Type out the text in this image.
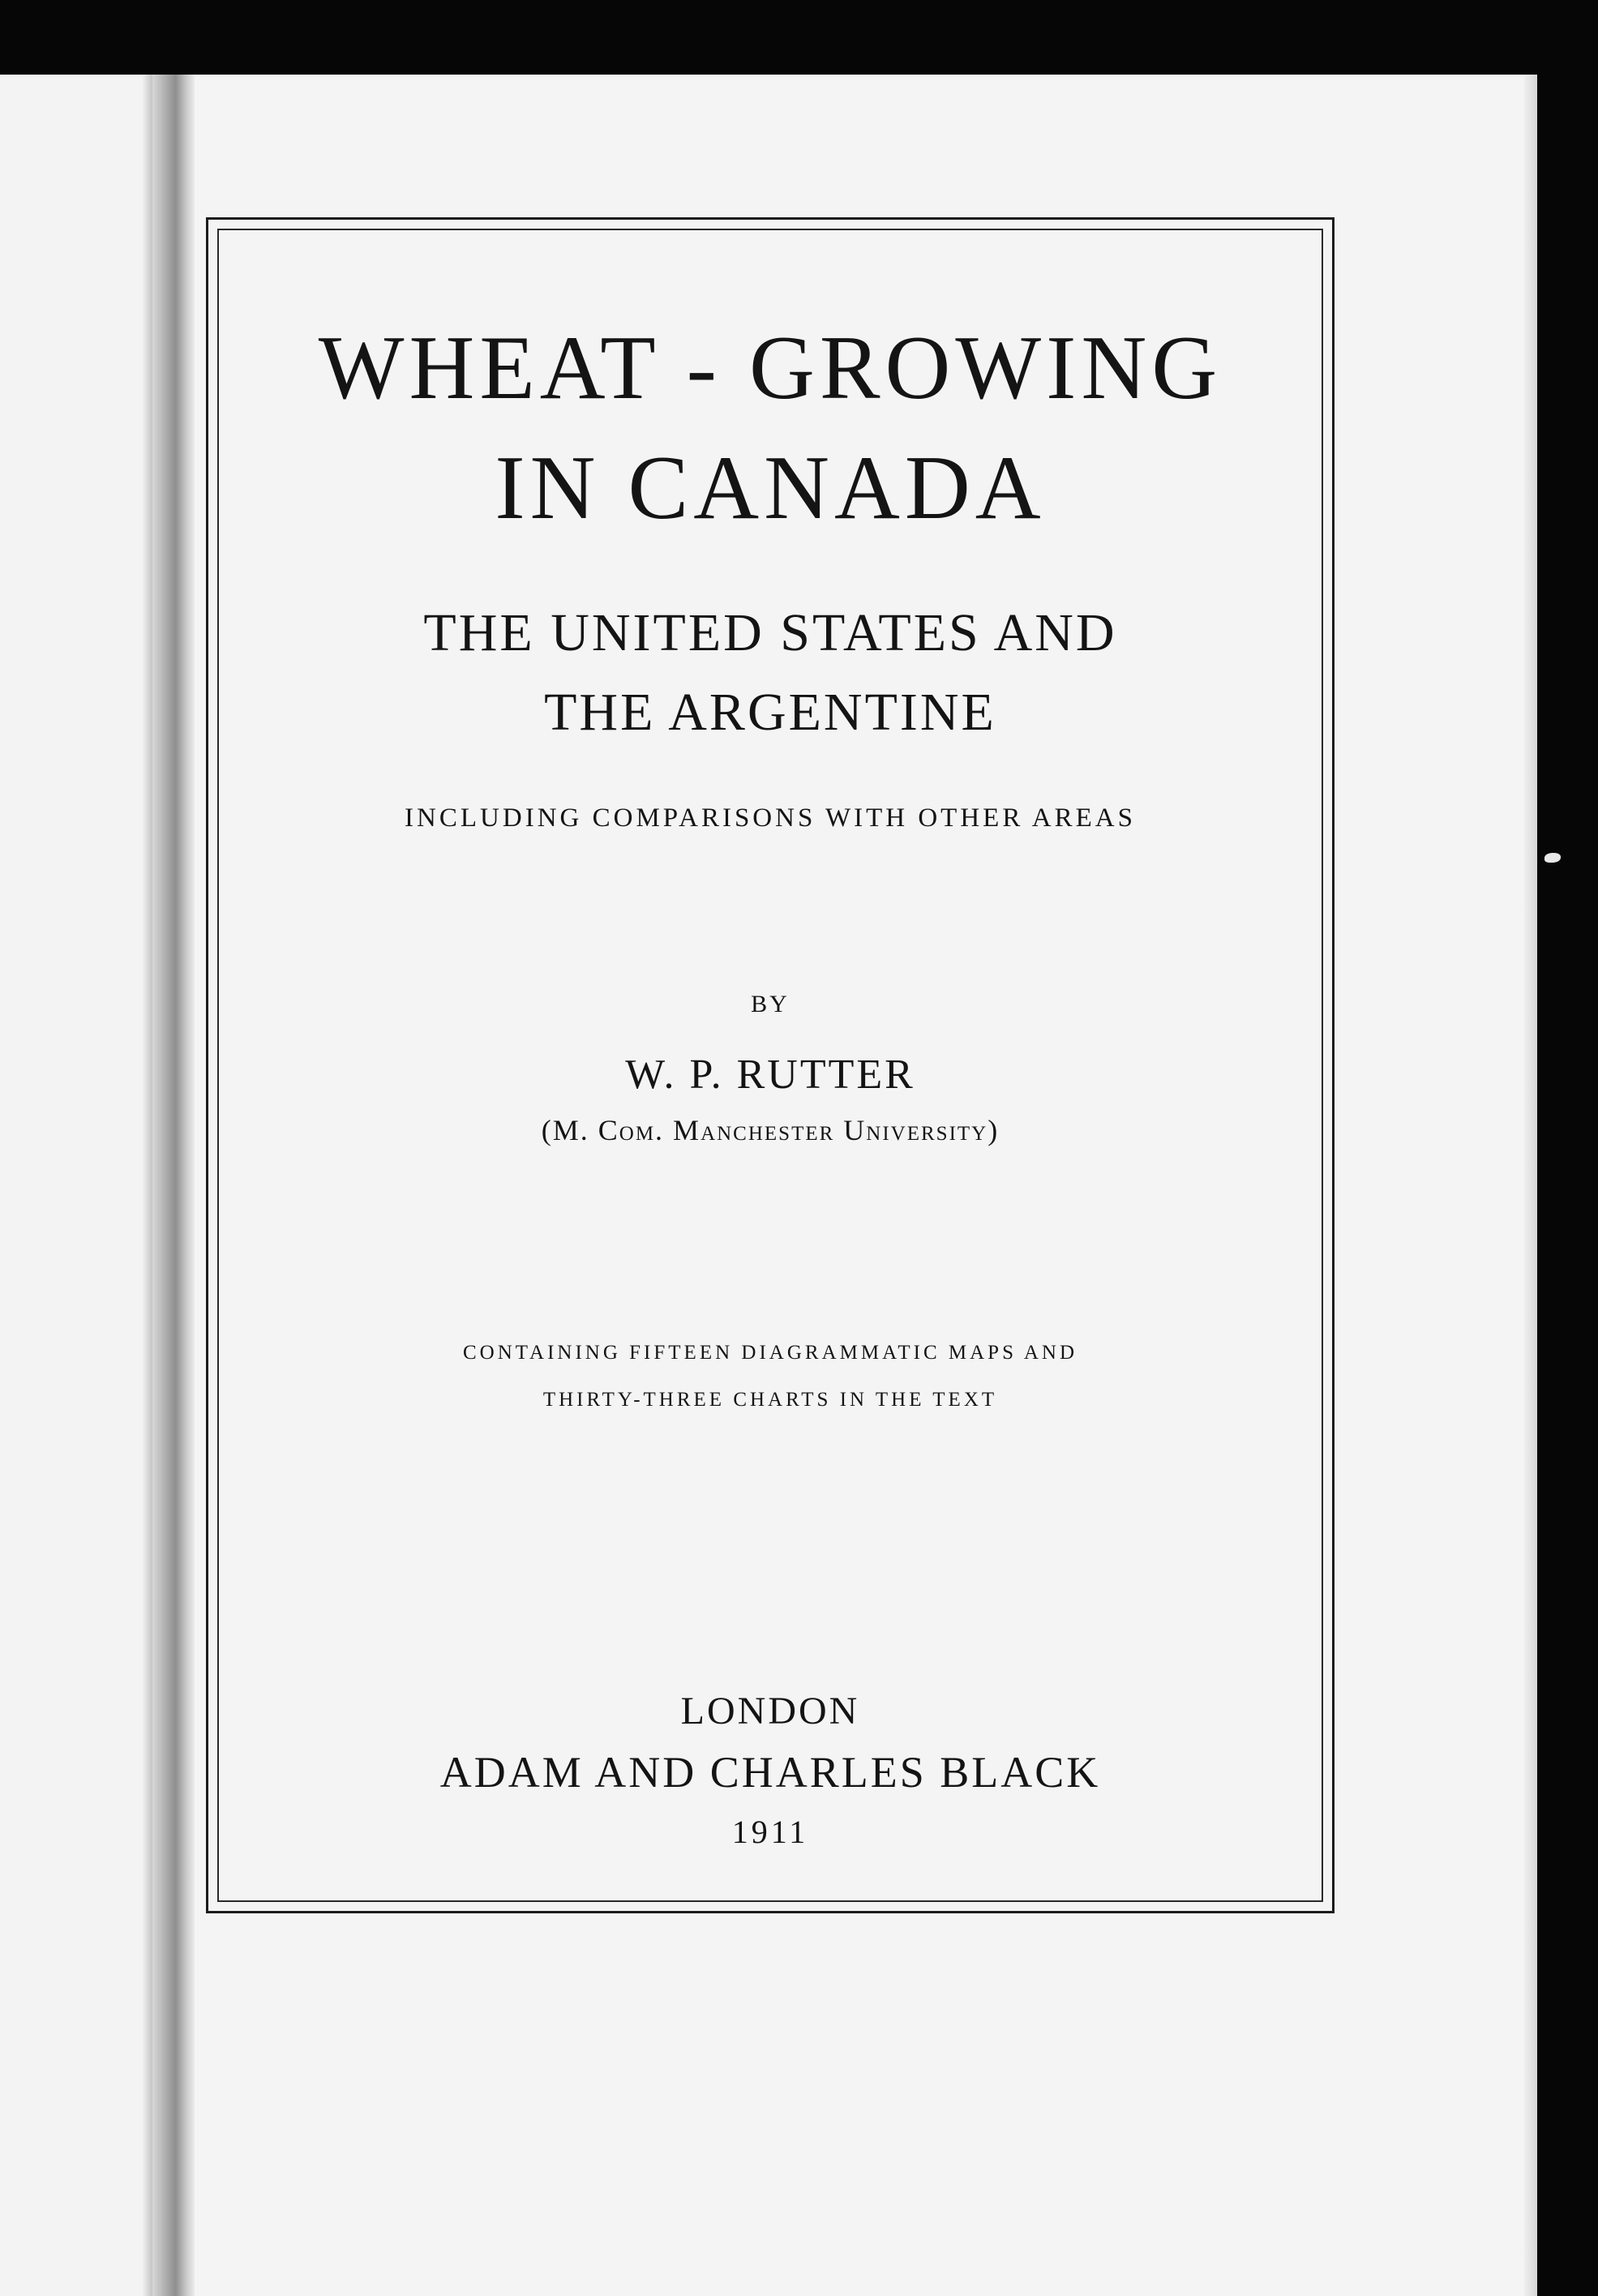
WHEAT - GROWING

IN CANADA

THE UNITED STATES AND

THE ARGENTINE

INCLUDING COMPARISONS WITH OTHER AREAS

BY

W. P. RUTTER

(M. Com. Manchester University)

CONTAINING FIFTEEN DIAGRAMMATIC MAPS AND

THIRTY-THREE CHARTS IN THE TEXT

LONDON

ADAM AND CHARLES BLACK

1911
